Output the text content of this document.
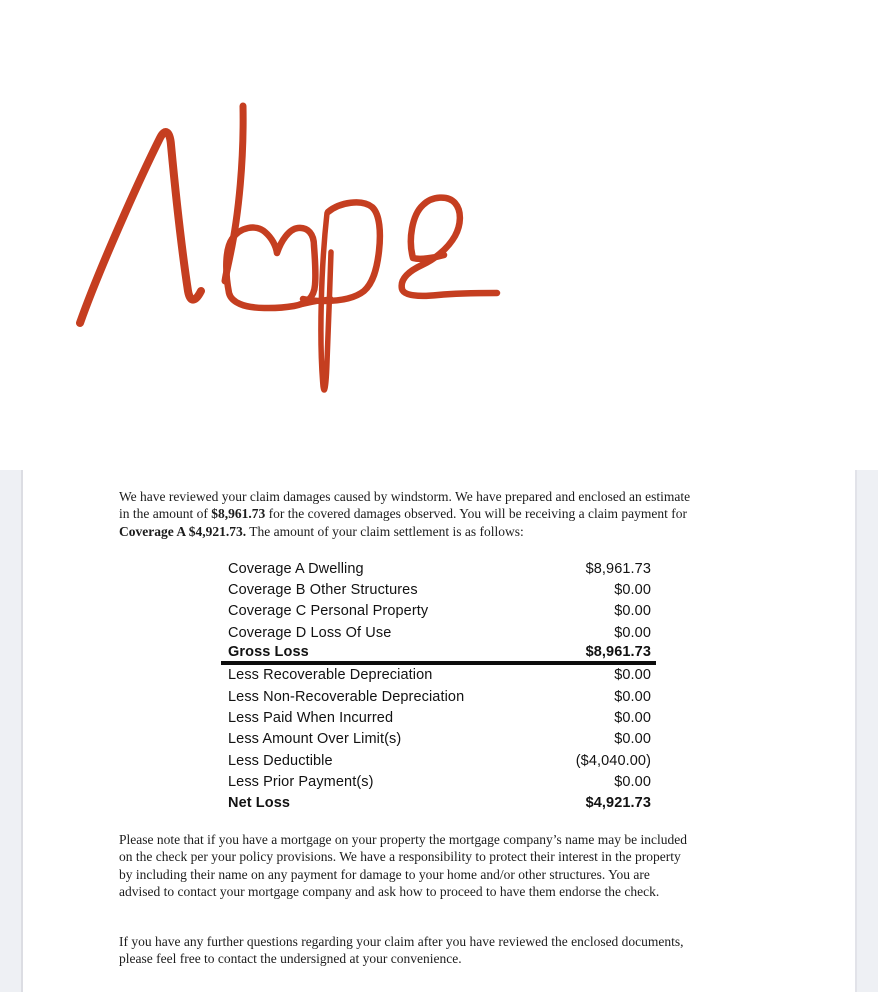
We have reviewed your claim damages caused by windstorm. We have prepared and enclosed an estimate
in the amount of $8,961.73 for the covered damages observed. You will be receiving a claim payment for
Coverage A $4,921.73. The amount of your claim settlement is as follows:
Coverage A Dwelling	$8,961.73
Coverage B Other Structures	$0.00
Coverage C Personal Property	$0.00
Coverage D Loss Of Use	$0.00
Gross Loss	$8,961.73
Less Recoverable Depreciation	$0.00
Less Non-Recoverable Depreciation	$0.00
Less Paid When Incurred	$0.00
Less Amount Over Limit(s)	$0.00
Less Deductible	($4,040.00)
Less Prior Payment(s)	$0.00
Net Loss	$4,921.73
Please note that if you have a mortgage on your property the mortgage company’s name may be included
on the check per your policy provisions. We have a responsibility to protect their interest in the property
by including their name on any payment for damage to your home and/or other structures. You are
advised to contact your mortgage company and ask how to proceed to have them endorse the check.
If you have any further questions regarding your claim after you have reviewed the enclosed documents,
please feel free to contact the undersigned at your convenience.
